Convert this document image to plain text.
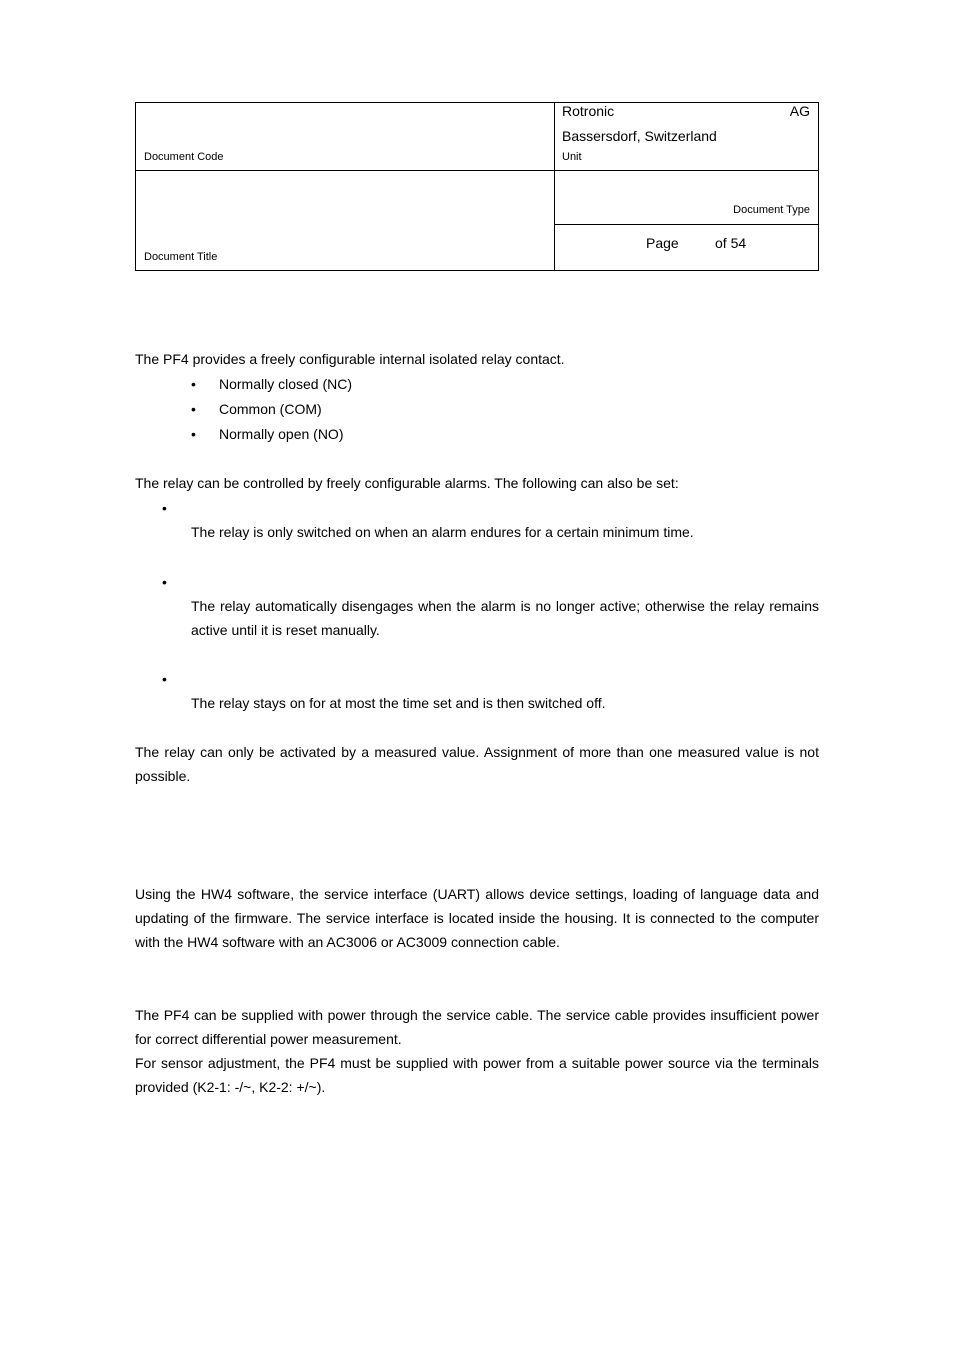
Document Code
Document Title
Rotronic	AG
Bassersdorf, Switzerland
Unit
Document Type
Page	of 54
The PF4 provides a freely configurable internal isolated relay contact.
• Normally closed (NC)
• Common (COM)
• Normally open (NO)
The relay can be controlled by freely configurable alarms. The following can also be set:
•
The relay is only switched on when an alarm endures for a certain minimum time.
•
The relay automatically disengages when the alarm is no longer active; otherwise the relay remains active until it is reset manually.
•
The relay stays on for at most the time set and is then switched off.
The relay can only be activated by a measured value. Assignment of more than one measured value is not possible.
Using the HW4 software, the service interface (UART) allows device settings, loading of language data and updating of the firmware. The service interface is located inside the housing. It is connected to the computer with the HW4 software with an AC3006 or AC3009 connection cable.
The PF4 can be supplied with power through the service cable. The service cable provides insufficient power for correct differential power measurement.
For sensor adjustment, the PF4 must be supplied with power from a suitable power source via the terminals provided (K2-1: -/~, K2-2: +/~).
